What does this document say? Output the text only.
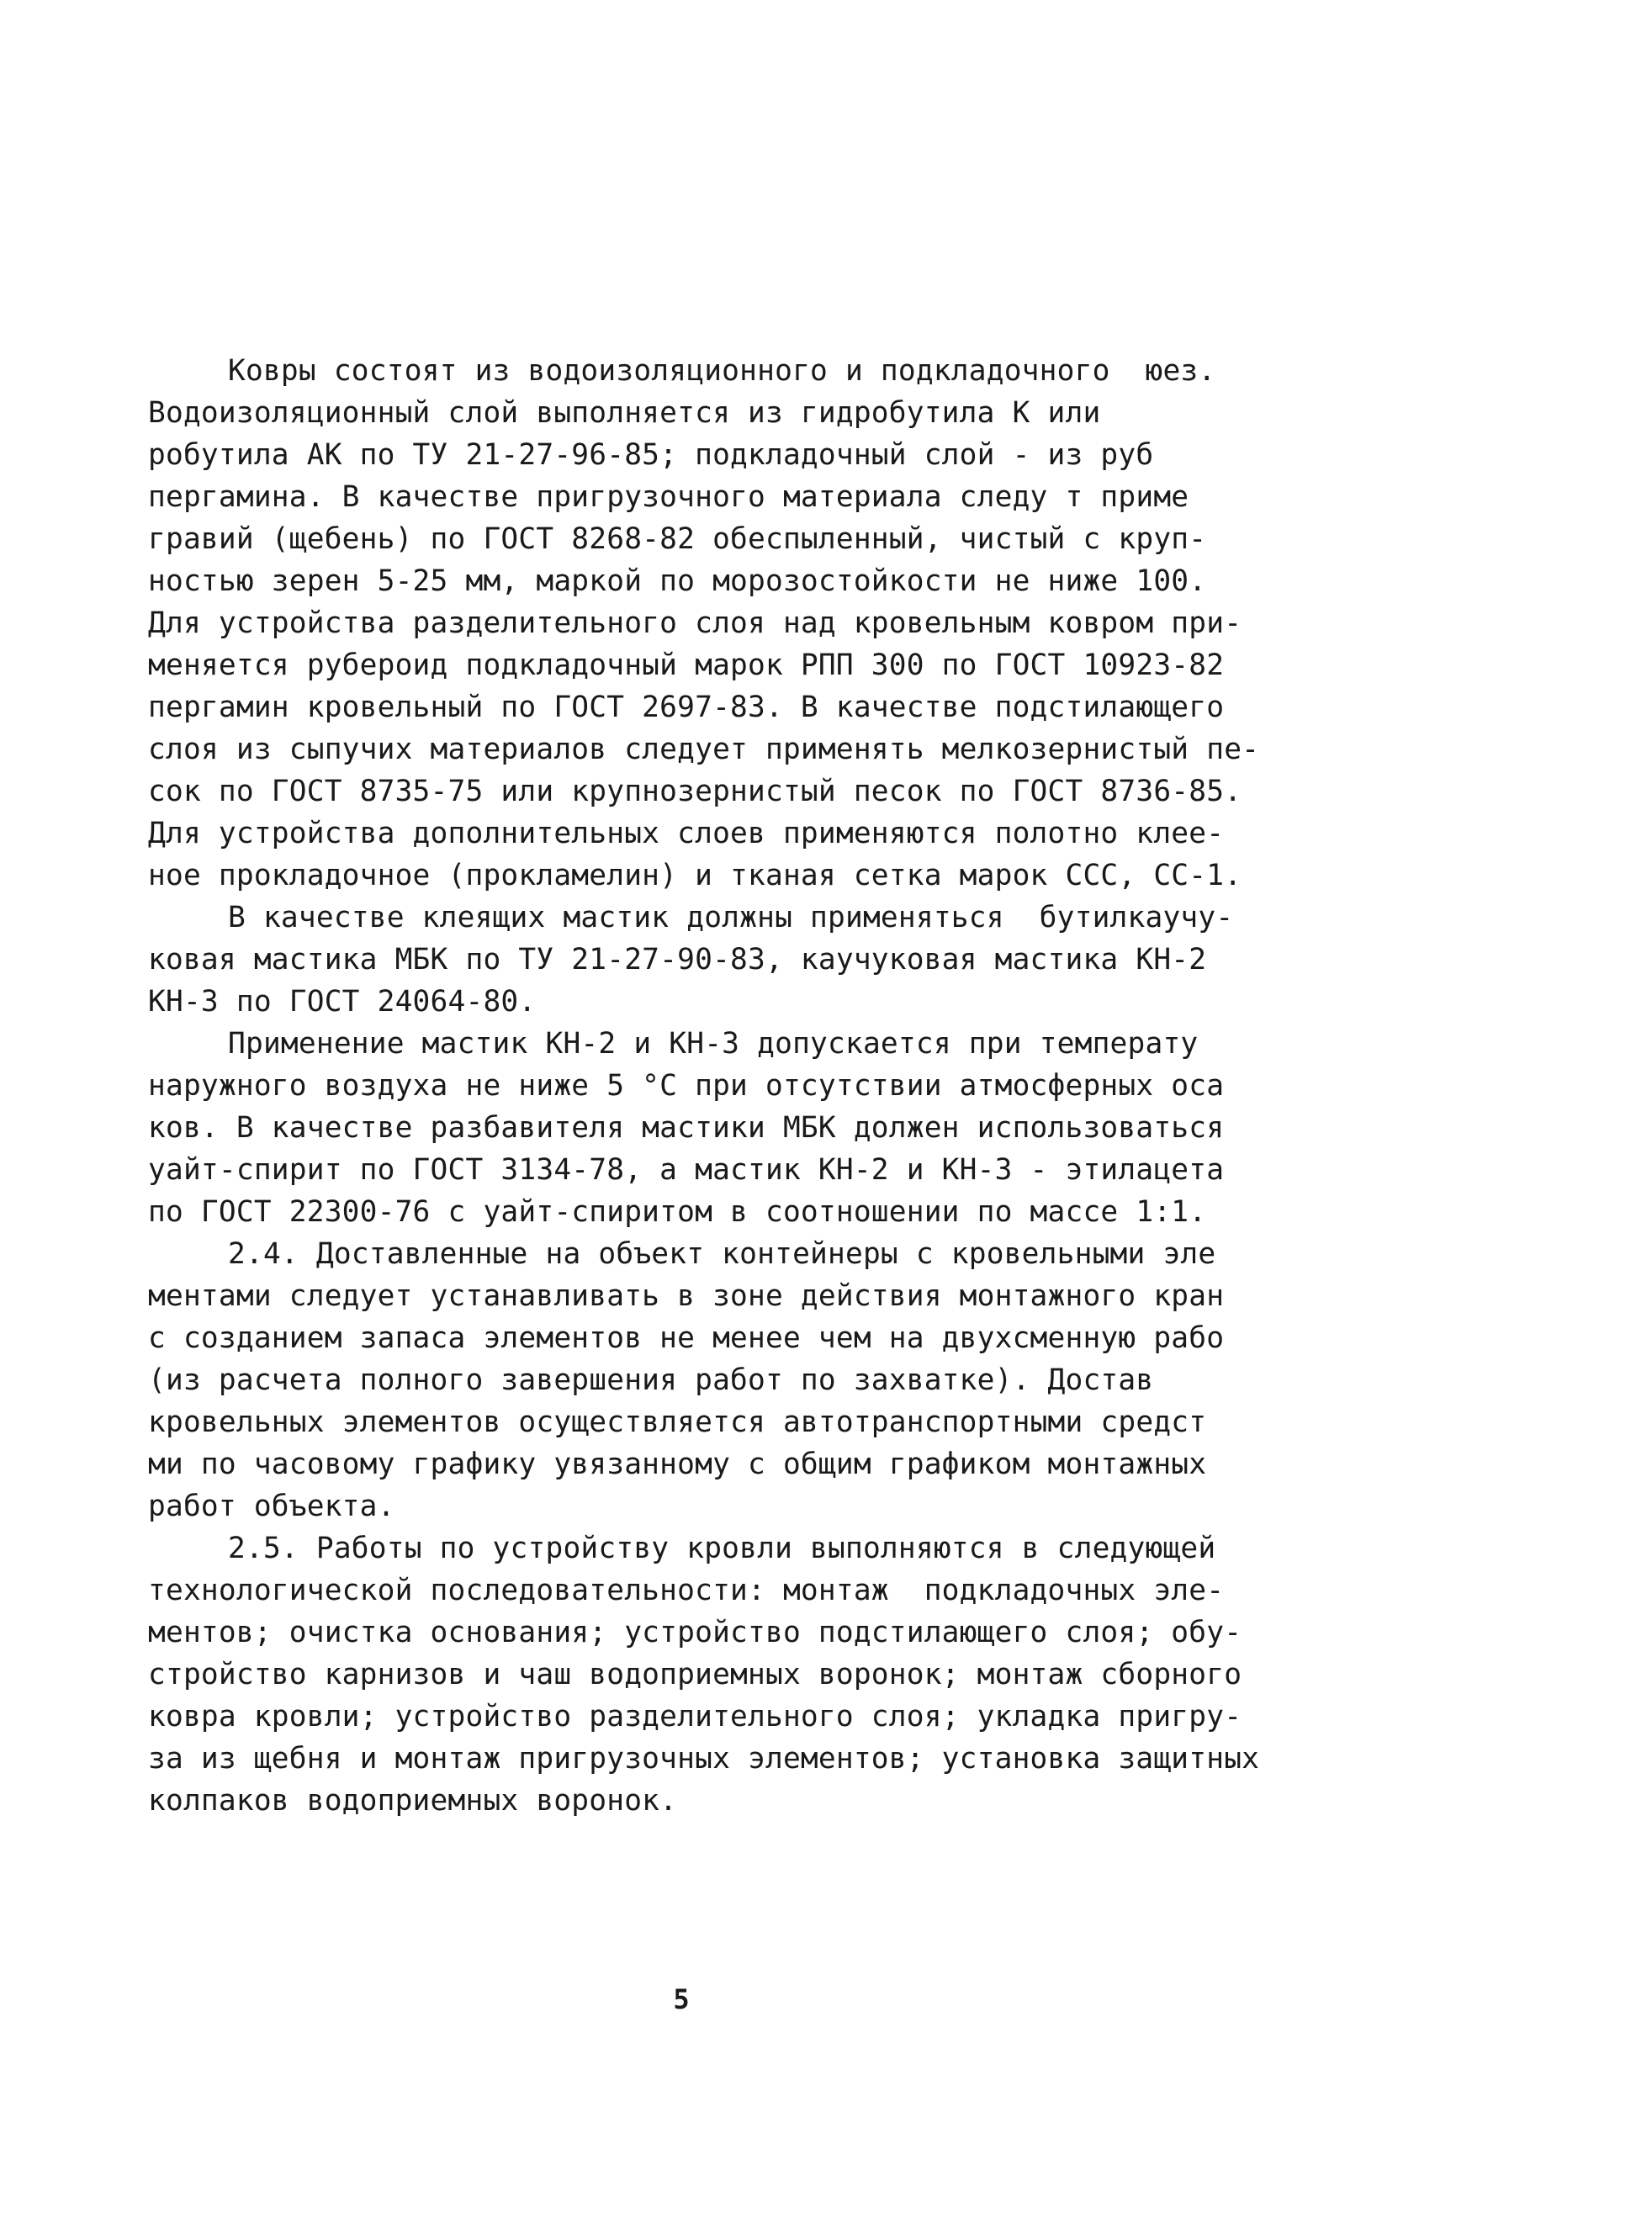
Ковры состоят из водоизоляционного и подкладочного  юез.
Водоизоляционный слой выполняется из гидробутила К или
робутила АК по ТУ 21-27-96-85; подкладочный слой - из руб
пергамина. В качестве пригрузочного материала следу т приме
гравий (щебень) по ГОСТ 8268-82 обеспыленный, чистый с круп-
ностью зерен 5-25 мм, маркой по морозостойкости не ниже 100.
Для устройства разделительного слоя над кровельным ковром при-
меняется рубероид подкладочный марок РПП 300 по ГОСТ 10923-82
пергамин кровельный по ГОСТ 2697-83. В качестве подстилающего
слоя из сыпучих материалов следует применять мелкозернистый пе-
сок по ГОСТ 8735-75 или крупнозернистый песок по ГОСТ 8736-85.
Для устройства дополнительных слоев применяются полотно клее-
ное прокладочное (прокламелин) и тканая сетка марок ССС, СС-1.
В качестве клеящих мастик должны применяться  бутилкаучу-
ковая мастика МБК по ТУ 21-27-90-83, каучуковая мастика КН-2
КН-3 по ГОСТ 24064-80.
Применение мастик КН-2 и КН-3 допускается при температу
наружного воздуха не ниже 5 °С при отсутствии атмосферных оса
ков. В качестве разбавителя мастики МБК должен использоваться
уайт-спирит по ГОСТ 3134-78, а мастик КН-2 и КН-3 - этилацета
по ГОСТ 22300-76 с уайт-спиритом в соотношении по массе 1:1.
2.4. Доставленные на объект контейнеры с кровельными эле
ментами следует устанавливать в зоне действия монтажного кран
с созданием запаса элементов не менее чем на двухсменную рабо
(из расчета полного завершения работ по захватке). Достав
кровельных элементов осуществляется автотранспортными средст
ми по часовому графику увязанному с общим графиком монтажных
работ объекта.
2.5. Работы по устройству кровли выполняются в следующей
технологической последовательности: монтаж  подкладочных эле-
ментов; очистка основания; устройство подстилающего слоя; обу-
стройство карнизов и чаш водоприемных воронок; монтаж сборного
ковра кровли; устройство разделительного слоя; укладка пригру-
за из щебня и монтаж пригрузочных элементов; установка защитных
колпаков водоприемных воронок.
5
